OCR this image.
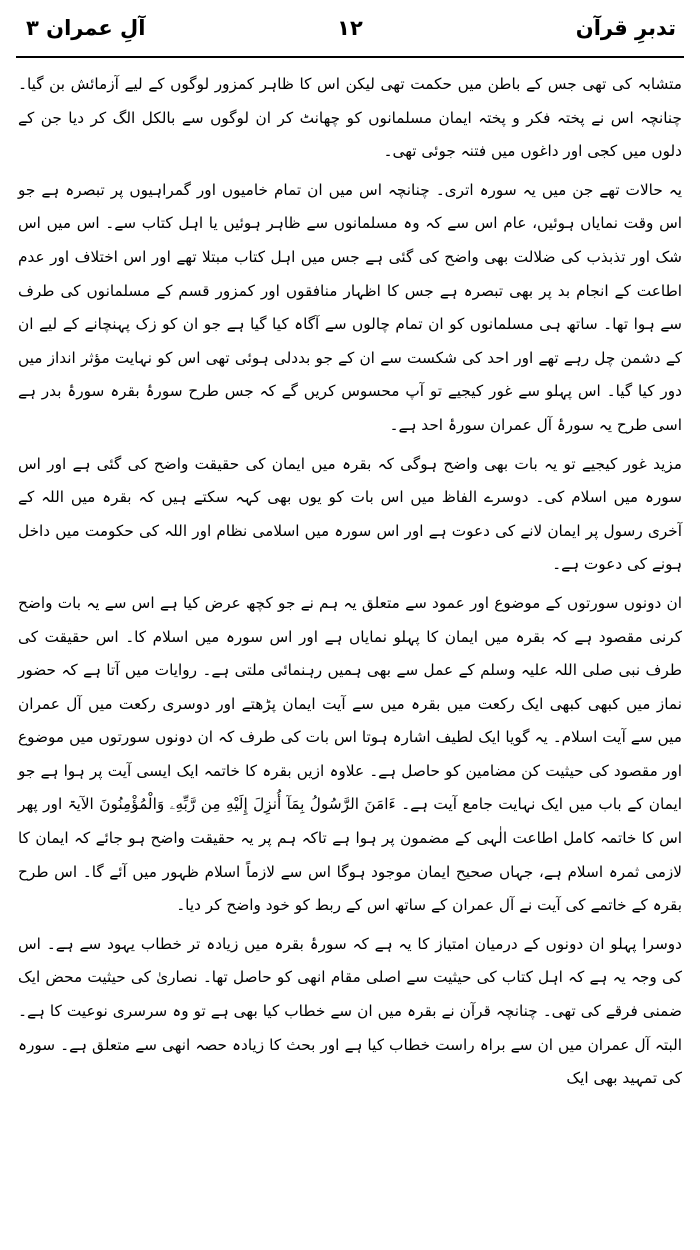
تدبرِ قرآن
۱۲
آلِ عمران ۳

متشابہ کی تھی جس کے باطن میں حکمت تھی لیکن اس کا ظاہر کمزور لوگوں کے لیے آزمائش بن گیا۔ چنانچہ اس نے پختہ فکر و پختہ ایمان مسلمانوں کو چھانٹ کر ان لوگوں سے بالکل الگ کر دیا جن کے دلوں میں کجی اور داغوں میں فتنہ جوئی تھی۔

یہ حالات تھے جن میں یہ سورہ اتری۔ چنانچہ اس میں ان تمام خامیوں اور گمراہیوں پر تبصرہ ہے جو اس وقت نمایاں ہوئیں، عام اس سے کہ وہ مسلمانوں سے ظاہر ہوئیں یا اہل کتاب سے۔ اس میں اس شک اور تذبذب کی ضلالت بھی واضح کی گئی ہے جس میں اہل کتاب مبتلا تھے اور اس اختلاف اور عدم اطاعت کے انجام بد پر بھی تبصرہ ہے جس کا اظہار منافقوں اور کمزور قسم کے مسلمانوں کی طرف سے ہوا تھا۔ ساتھ ہی مسلمانوں کو ان تمام چالوں سے آگاہ کیا گیا ہے جو ان کو زک پہنچانے کے لیے ان کے دشمن چل رہے تھے اور احد کی شکست سے ان کے جو بددلی ہوئی تھی اس کو نہایت مؤثر انداز میں دور کیا گیا۔ اس پہلو سے غور کیجیے تو آپ محسوس کریں گے کہ جس طرح سورۂ بقرہ سورۂ بدر ہے اسی طرح یہ سورۂ آل عمران سورۂ احد ہے۔

مزید غور کیجیے تو یہ بات بھی واضح ہوگی کہ بقرہ میں ایمان کی حقیقت واضح کی گئی ہے اور اس سورہ میں اسلام کی۔ دوسرے الفاظ میں اس بات کو یوں بھی کہہ سکتے ہیں کہ بقرہ میں اللہ کے آخری رسول پر ایمان لانے کی دعوت ہے اور اس سورہ میں اسلامی نظام اور اللہ کی حکومت میں داخل ہونے کی دعوت ہے۔

ان دونوں سورتوں کے موضوع اور عمود سے متعلق یہ ہم نے جو کچھ عرض کیا ہے اس سے یہ بات واضح کرنی مقصود ہے کہ بقرہ میں ایمان کا پہلو نمایاں ہے اور اس سورہ میں اسلام کا۔ اس حقیقت کی طرف نبی صلی اللہ علیہ وسلم کے عمل سے بھی ہمیں رہنمائی ملتی ہے۔ روایات میں آتا ہے کہ حضور نماز میں کبھی کبھی ایک رکعت میں بقرہ میں سے آیت ایمان پڑھتے اور دوسری رکعت میں آل عمران میں سے آیت اسلام۔ یہ گویا ایک لطیف اشارہ ہوتا اس بات کی طرف کہ ان دونوں سورتوں میں موضوع اور مقصود کی حیثیت کن مضامین کو حاصل ہے۔ علاوہ ازیں بقرہ کا خاتمہ ایک ایسی آیت پر ہوا ہے جو ایمان کے باب میں ایک نہایت جامع آیت ہے۔ ءَامَنَ الرَّسُولُ بِمَآ أُنزِلَ إِلَيْهِ مِن رَّبِّهِۦ وَالْمُؤْمِنُونَ الآیۃ اور پھر اس کا خاتمہ کامل اطاعت الٰہی کے مضمون پر ہوا ہے تاکہ ہم پر یہ حقیقت واضح ہو جائے کہ ایمان کا لازمی ثمرہ اسلام ہے، جہاں صحیح ایمان موجود ہوگا اس سے لازماً اسلام ظہور میں آئے گا۔ اس طرح بقرہ کے خاتمے کی آیت نے آل عمران کے ساتھ اس کے ربط کو خود واضح کر دیا۔

دوسرا پہلو ان دونوں کے درمیان امتیاز کا یہ ہے کہ سورۂ بقرہ میں زیادہ تر خطاب یہود سے ہے۔ اس کی وجہ یہ ہے کہ اہل کتاب کی حیثیت سے اصلی مقام انھی کو حاصل تھا۔ نصاریٰ کی حیثیت محض ایک ضمنی فرقے کی تھی۔ چنانچہ قرآن نے بقرہ میں ان سے خطاب کیا بھی ہے تو وہ سرسری نوعیت کا ہے۔ البتہ آل عمران میں ان سے براہ راست خطاب کیا ہے اور بحث کا زیادہ حصہ انھی سے متعلق ہے۔ سورہ کی تمہید بھی ایک
